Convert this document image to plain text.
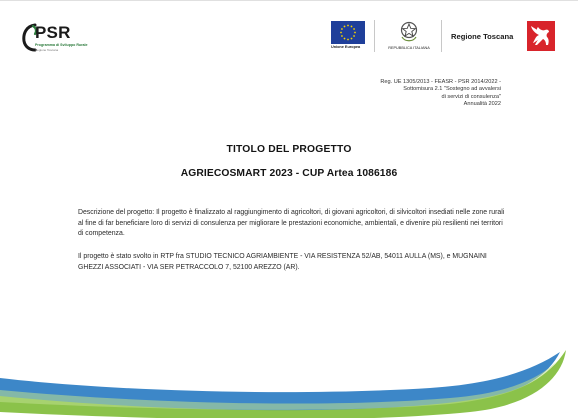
PSR
Programma di Sviluppo Rurale
Regione Toscana
Unione Europea	REPUBBLICA ITALIANA
Regione Toscana
Reg. UE 1305/2013 - FEASR - PSR 2014/2022 -
Sottomisura 2.1 "Sostegno ad avvalersi
di servizi di consulenza"
Annualità 2022
TITOLO DEL PROGETTO
AGRIECOSMART 2023 - CUP Artea 1086186

Descrizione del progetto: Il progetto è finalizzato al raggiungimento di agricoltori, di giovani agricoltori, di silvicoltori insediati nelle zone rurali al fine di far beneficiare loro di servizi di consulenza per migliorare le prestazioni economiche, ambientali, e divenire più resilienti nei territori di competenza.

Il progetto è stato svolto in RTP fra STUDIO TECNICO AGRIAMBIENTE - VIA RESISTENZA 52/AB, 54011 AULLA (MS), e MUGNAINI GHEZZI ASSOCIATI - VIA SER PETRACCOLO 7, 52100 AREZZO (AR).
